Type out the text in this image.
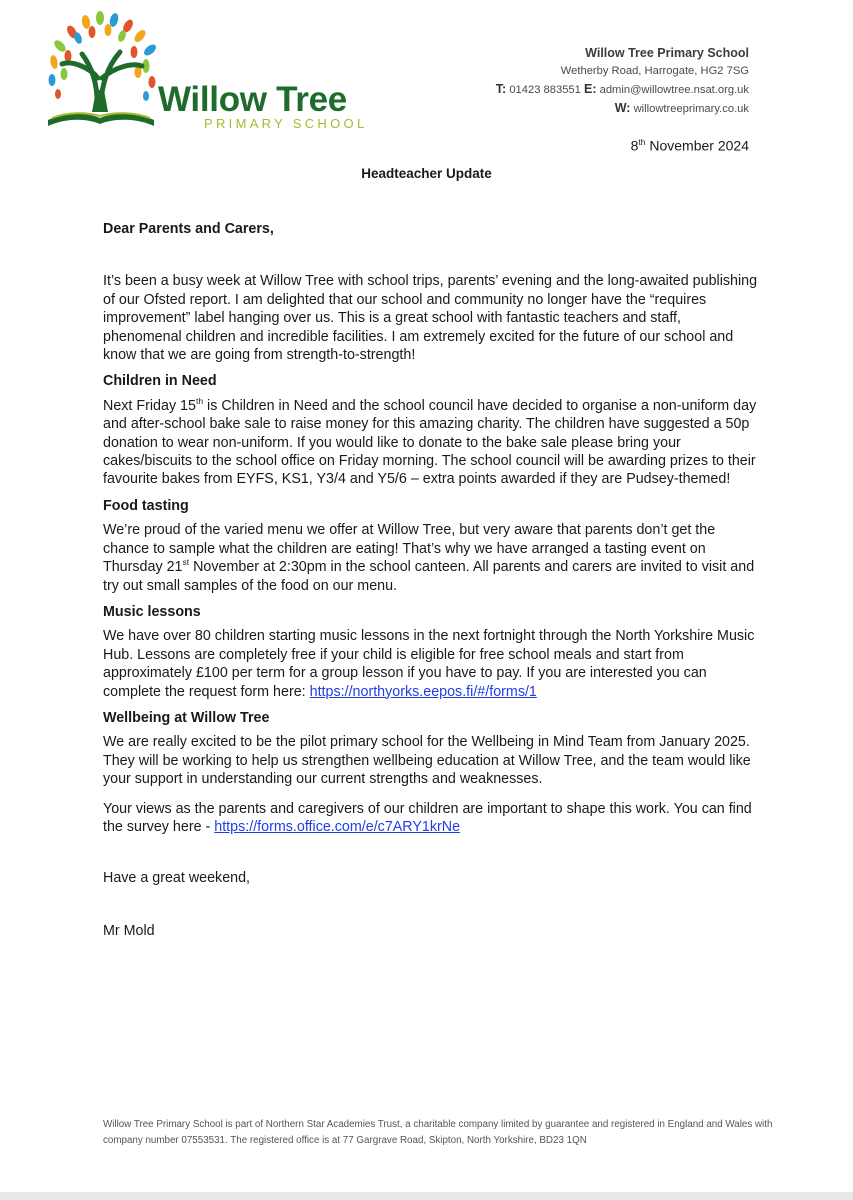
Willow Tree
PRIMARY SCHOOL
Willow Tree Primary School
Wetherby Road, Harrogate, HG2 7SG
T: 01423 883551 E: admin@willowtree.nsat.org.uk
W: willowtreeprimary.co.uk
8th November 2024
Headteacher Update

Dear Parents and Carers,

It’s been a busy week at Willow Tree with school trips, parents’ evening and the long-awaited publishing of our Ofsted report. I am delighted that our school and community no longer have the “requires improvement” label hanging over us. This is a great school with fantastic teachers and staff, phenomenal children and incredible facilities. I am extremely excited for the future of our school and know that we are going from strength-to-strength!

Children in Need

Next Friday 15th is Children in Need and the school council have decided to organise a non-uniform day and after-school bake sale to raise money for this amazing charity. The children have suggested a 50p donation to wear non-uniform. If you would like to donate to the bake sale please bring your cakes/biscuits to the school office on Friday morning. The school council will be awarding prizes to their favourite bakes from EYFS, KS1, Y3/4 and Y5/6 – extra points awarded if they are Pudsey-themed!

Food tasting

We’re proud of the varied menu we offer at Willow Tree, but very aware that parents don’t get the chance to sample what the children are eating! That’s why we have arranged a tasting event on Thursday 21st November at 2:30pm in the school canteen. All parents and carers are invited to visit and try out small samples of the food on our menu.

Music lessons

We have over 80 children starting music lessons in the next fortnight through the North Yorkshire Music Hub. Lessons are completely free if your child is eligible for free school meals and start from approximately £100 per term for a group lesson if you have to pay. If you are interested you can complete the request form here: https://northyorks.eepos.fi/#/forms/1

Wellbeing at Willow Tree

We are really excited to be the pilot primary school for the Wellbeing in Mind Team from January 2025. They will be working to help us strengthen wellbeing education at Willow Tree, and the team would like your support in understanding our current strengths and weaknesses.

Your views as the parents and caregivers of our children are important to shape this work. You can find the survey here - https://forms.office.com/e/c7ARY1krNe

Have a great weekend,

Mr Mold

Willow Tree Primary School is part of Northern Star Academies Trust, a charitable company limited by guarantee and registered in England and Wales with company number 07553531. The registered office is at 77 Gargrave Road, Skipton, North Yorkshire, BD23 1QN
